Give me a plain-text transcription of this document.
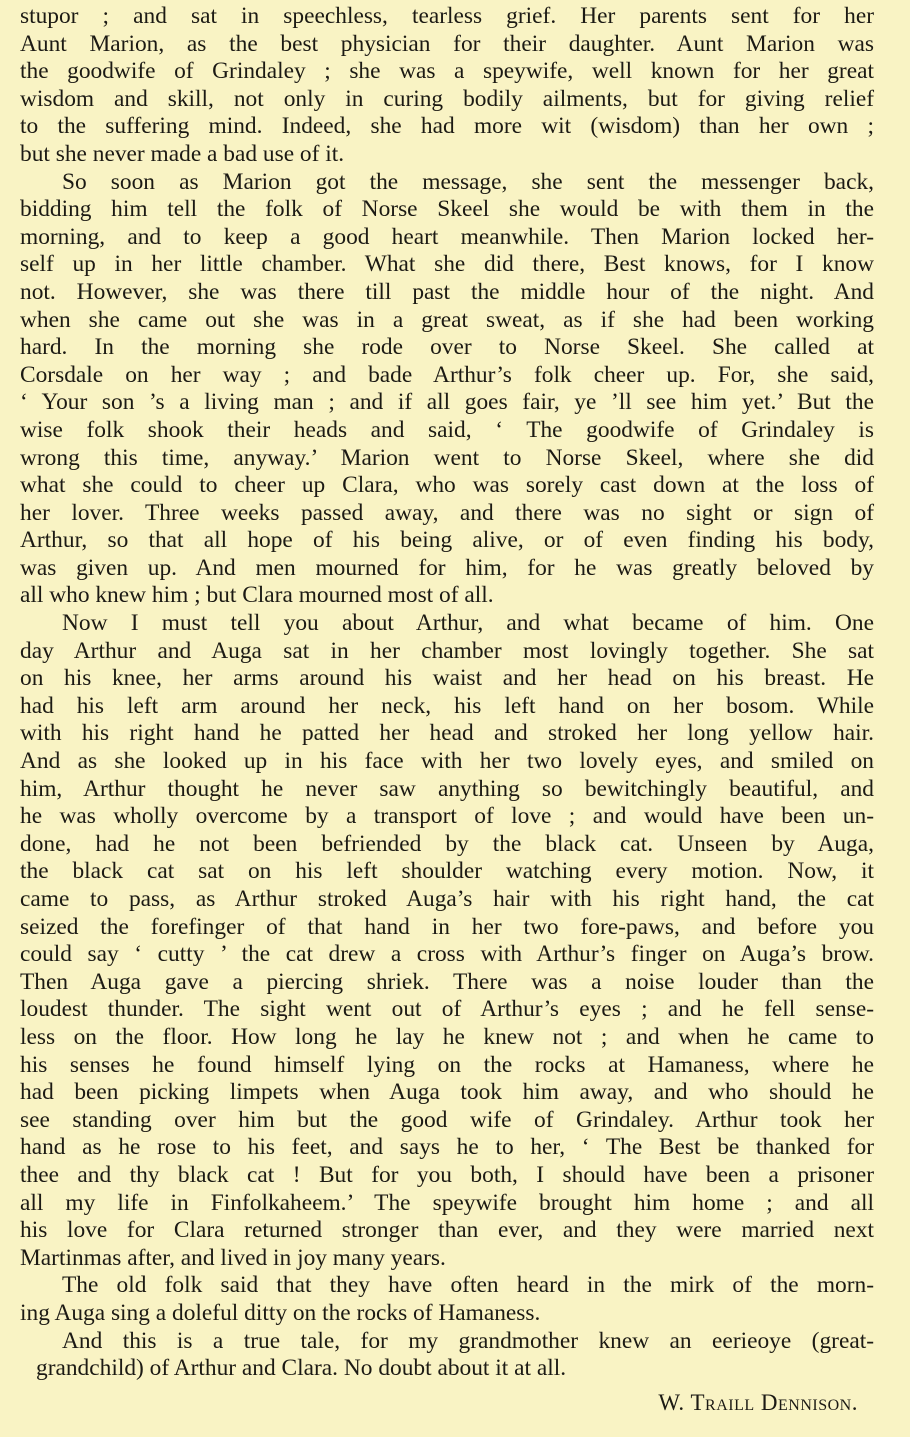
stupor ; and sat in speechless, tearless grief. Her parents sent for her
Aunt Marion, as the best physician for their daughter. Aunt Marion was
the goodwife of Grindaley ; she was a speywife, well known for her great
wisdom and skill, not only in curing bodily ailments, but for giving relief
to the suffering mind. Indeed, she had more wit (wisdom) than her own ;
but she never made a bad use of it.
So soon as Marion got the message, she sent the messenger back,
bidding him tell the folk of Norse Skeel she would be with them in the
morning, and to keep a good heart meanwhile. Then Marion locked her-
self up in her little chamber. What she did there, Best knows, for I know
not. However, she was there till past the middle hour of the night. And
when she came out she was in a great sweat, as if she had been working
hard. In the morning she rode over to Norse Skeel. She called at
Corsdale on her way ; and bade Arthur’s folk cheer up. For, she said,
‘ Your son ’s a living man ; and if all goes fair, ye ’ll see him yet.’ But the
wise folk shook their heads and said, ‘ The goodwife of Grindaley is
wrong this time, anyway.’ Marion went to Norse Skeel, where she did
what she could to cheer up Clara, who was sorely cast down at the loss of
her lover. Three weeks passed away, and there was no sight or sign of
Arthur, so that all hope of his being alive, or of even finding his body,
was given up. And men mourned for him, for he was greatly beloved by
all who knew him ; but Clara mourned most of all.
Now I must tell you about Arthur, and what became of him. One
day Arthur and Auga sat in her chamber most lovingly together. She sat
on his knee, her arms around his waist and her head on his breast. He
had his left arm around her neck, his left hand on her bosom. While
with his right hand he patted her head and stroked her long yellow hair.
And as she looked up in his face with her two lovely eyes, and smiled on
him, Arthur thought he never saw anything so bewitchingly beautiful, and
he was wholly overcome by a transport of love ; and would have been un-
done, had he not been befriended by the black cat. Unseen by Auga,
the black cat sat on his left shoulder watching every motion. Now, it
came to pass, as Arthur stroked Auga’s hair with his right hand, the cat
seized the forefinger of that hand in her two fore-paws, and before you
could say ‘ cutty ’ the cat drew a cross with Arthur’s finger on Auga’s brow.
Then Auga gave a piercing shriek. There was a noise louder than the
loudest thunder. The sight went out of Arthur’s eyes ; and he fell sense-
less on the floor. How long he lay he knew not ; and when he came to
his senses he found himself lying on the rocks at Hamaness, where he
had been picking limpets when Auga took him away, and who should he
see standing over him but the good wife of Grindaley. Arthur took her
hand as he rose to his feet, and says he to her, ‘ The Best be thanked for
thee and thy black cat ! But for you both, I should have been a prisoner
all my life in Finfolkaheem.’ The speywife brought him home ; and all
his love for Clara returned stronger than ever, and they were married next
Martinmas after, and lived in joy many years.
The old folk said that they have often heard in the mirk of the morn-
ing Auga sing a doleful ditty on the rocks of Hamaness.
And this is a true tale, for my grandmother knew an eerieoye (great-
grandchild) of Arthur and Clara. No doubt about it at all.
W. Traill Dennison.
